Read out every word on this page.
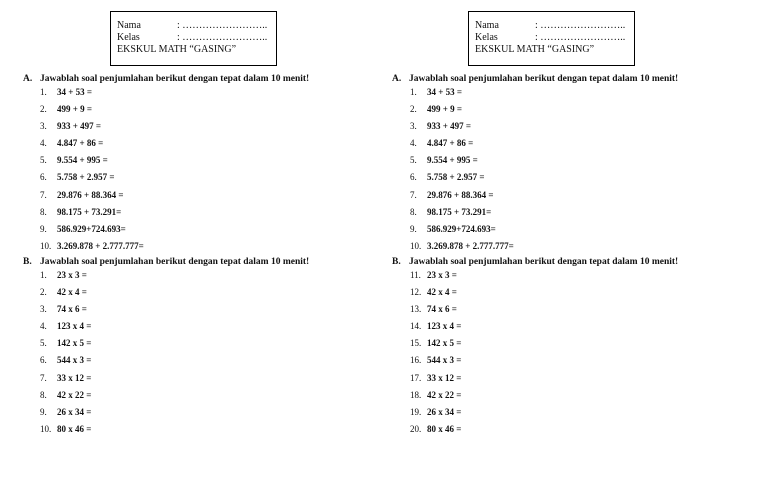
Nama	: ……………………..
Kelas	: ……………………..
EKSKUL MATH “GASING”
A. Jawablah soal penjumlahan berikut dengan tepat dalam 10 menit!
1.	34 + 53 =
2.	499 + 9 =
3.	933 + 497 =
4.	4.847 + 86 =
5.	9.554 + 995 =
6.	5.758 + 2.957 =
7.	29.876 + 88.364 =
8.	98.175 + 73.291=
9.	586.929+724.693=
10. 3.269.878 + 2.777.777=
B. Jawablah soal penjumlahan berikut dengan tepat dalam 10 menit!
1.	23 x 3 =
2.	42 x 4 =
3.	74 x 6 =
4.	123 x 4 =
5.	142 x 5 =
6.	544 x 3 =
7.	33 x 12 =
8.	42 x 22 =
9.	26 x 34 =
10. 80 x 46 =
Nama	: ……………………..
Kelas	: ……………………..
EKSKUL MATH “GASING”
A. Jawablah soal penjumlahan berikut dengan tepat dalam 10 menit!
1.	34 + 53 =
2.	499 + 9 =
3.	933 + 497 =
4.	4.847 + 86 =
5.	9.554 + 995 =
6.	5.758 + 2.957 =
7.	29.876 + 88.364 =
8.	98.175 + 73.291=
9.	586.929+724.693=
10. 3.269.878 + 2.777.777=
B. Jawablah soal penjumlahan berikut dengan tepat dalam 10 menit!
11. 23 x 3 =
12. 42 x 4 =
13. 74 x 6 =
14. 123 x 4 =
15. 142 x 5 =
16. 544 x 3 =
17. 33 x 12 =
18. 42 x 22 =
19. 26 x 34 =
20. 80 x 46 =
